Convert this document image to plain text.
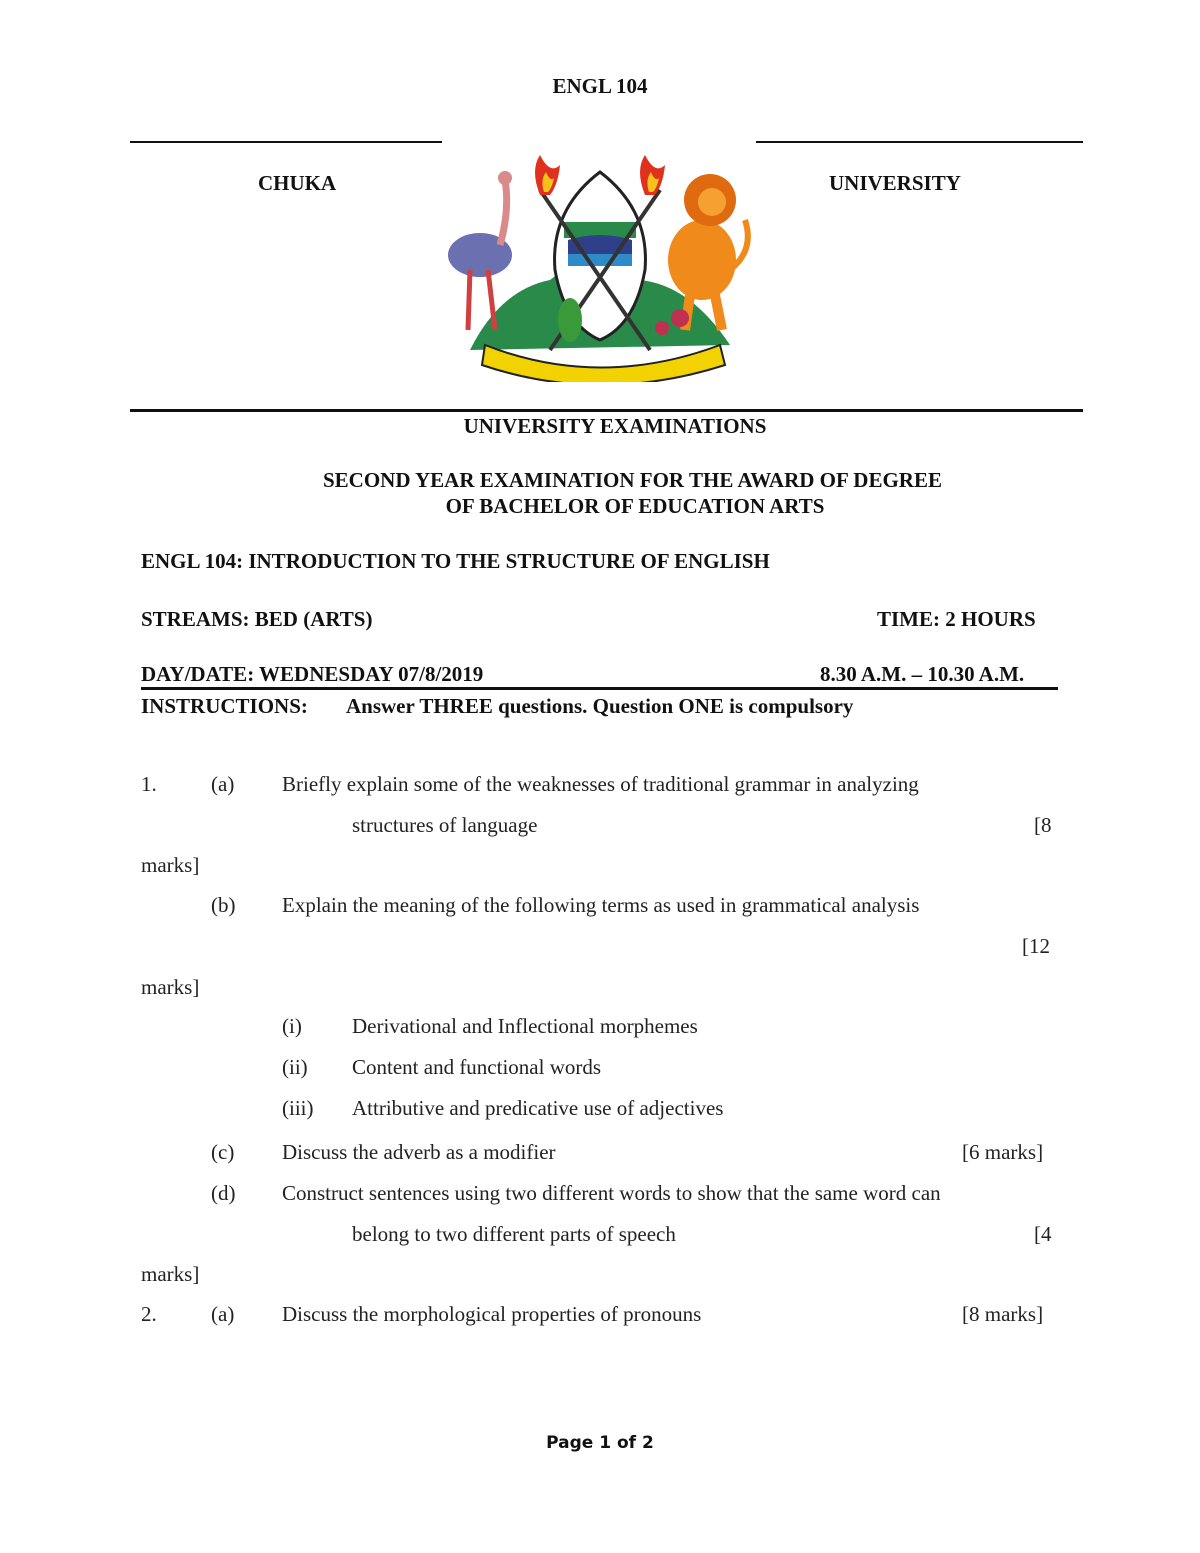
ENGL 104
CHUKA	UNIVERSITY
UNIVERSITY EXAMINATIONS
SECOND YEAR EXAMINATION FOR THE AWARD OF DEGREE
OF BACHELOR OF EDUCATION ARTS
ENGL 104: INTRODUCTION TO THE STRUCTURE OF ENGLISH
STREAMS: BED (ARTS)	TIME: 2 HOURS
DAY/DATE: WEDNESDAY 07/8/2019	8.30 A.M. – 10.30 A.M.
INSTRUCTIONS: Answer THREE questions. Question ONE is compulsory
1.	(a) Briefly explain some of the weaknesses of traditional grammar in analyzing
structures of language	[8
marks]
(b) Explain the meaning of the following terms as used in grammatical analysis
[12
marks]
(i) Derivational and Inflectional morphemes
(ii) Content and functional words
(iii) Attributive and predicative use of adjectives
(c) Discuss the adverb as a modifier	[6 marks]
(d) Construct sentences using two different words to show that the same word can
belong to two different parts of speech	[4
marks]
2.	(a) Discuss the morphological properties of pronouns	[8 marks]
Page 1 of 2
